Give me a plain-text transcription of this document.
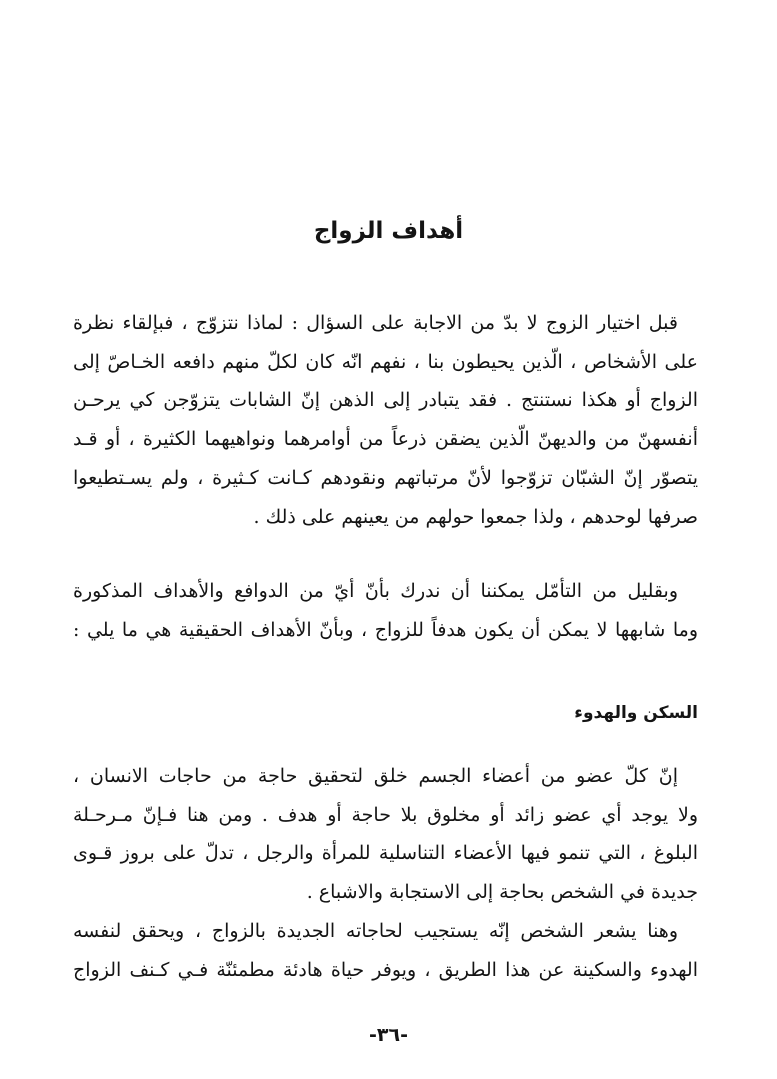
أهداف الزواج
قبل اختيار الزوج لا بدّ من الاجابة على السؤال : لماذا نتزوّج ، فبإلقاء نظرة
على الأشخاص ، الّذين يحيطون بنا ، نفهم انّه كان لكلّ منهم دافعه الخـاصّ إلى
الزواج أو هكذا نستنتج . فقد يتبادر إلى الذهن إنّ الشابات يتزوّجن كي يرحـن
أنفسهنّ من والديهنّ الّذين يضقن ذرعاً من أوامرهما ونواهيهما الكثيرة ، أو قـد
يتصوّر إنّ الشبّان تزوّجوا لأنّ مرتباتهم ونقودهم كـانت كـثيرة ، ولم يسـتطيعوا
صرفها لوحدهم ، ولذا جمعوا حولهم من يعينهم على ذلك .
وبقليل من التأمّل يمكننا أن ندرك بأنّ أيّ من الدوافع والأهداف المذكورة
وما شابهها لا يمكن أن يكون هدفاً للزواج ، وبأنّ الأهداف الحقيقية هي ما يلي :
السكن والهدوء
إنّ كلّ عضو من أعضاء الجسم خلق لتحقيق حاجة من حاجات الانسان ،
ولا يوجد أي عضو زائد أو مخلوق بلا حاجة أو هدف . ومن هنا فـإنّ مـرحـلة
البلوغ ، التي تنمو فيها الأعضاء التناسلية للمرأة والرجل ، تدلّ على بروز قـوى
جديدة في الشخص بحاجة إلى الاستجابة والاشباع .
وهنا يشعر الشخص إنّه يستجيب لحاجاته الجديدة بالزواج ، ويحقق لنفسه
الهدوء والسكينة عن هذا الطريق ، ويوفر حياة هادئة مطمئنّة فـي كـنف الزواج
-٣٦-
